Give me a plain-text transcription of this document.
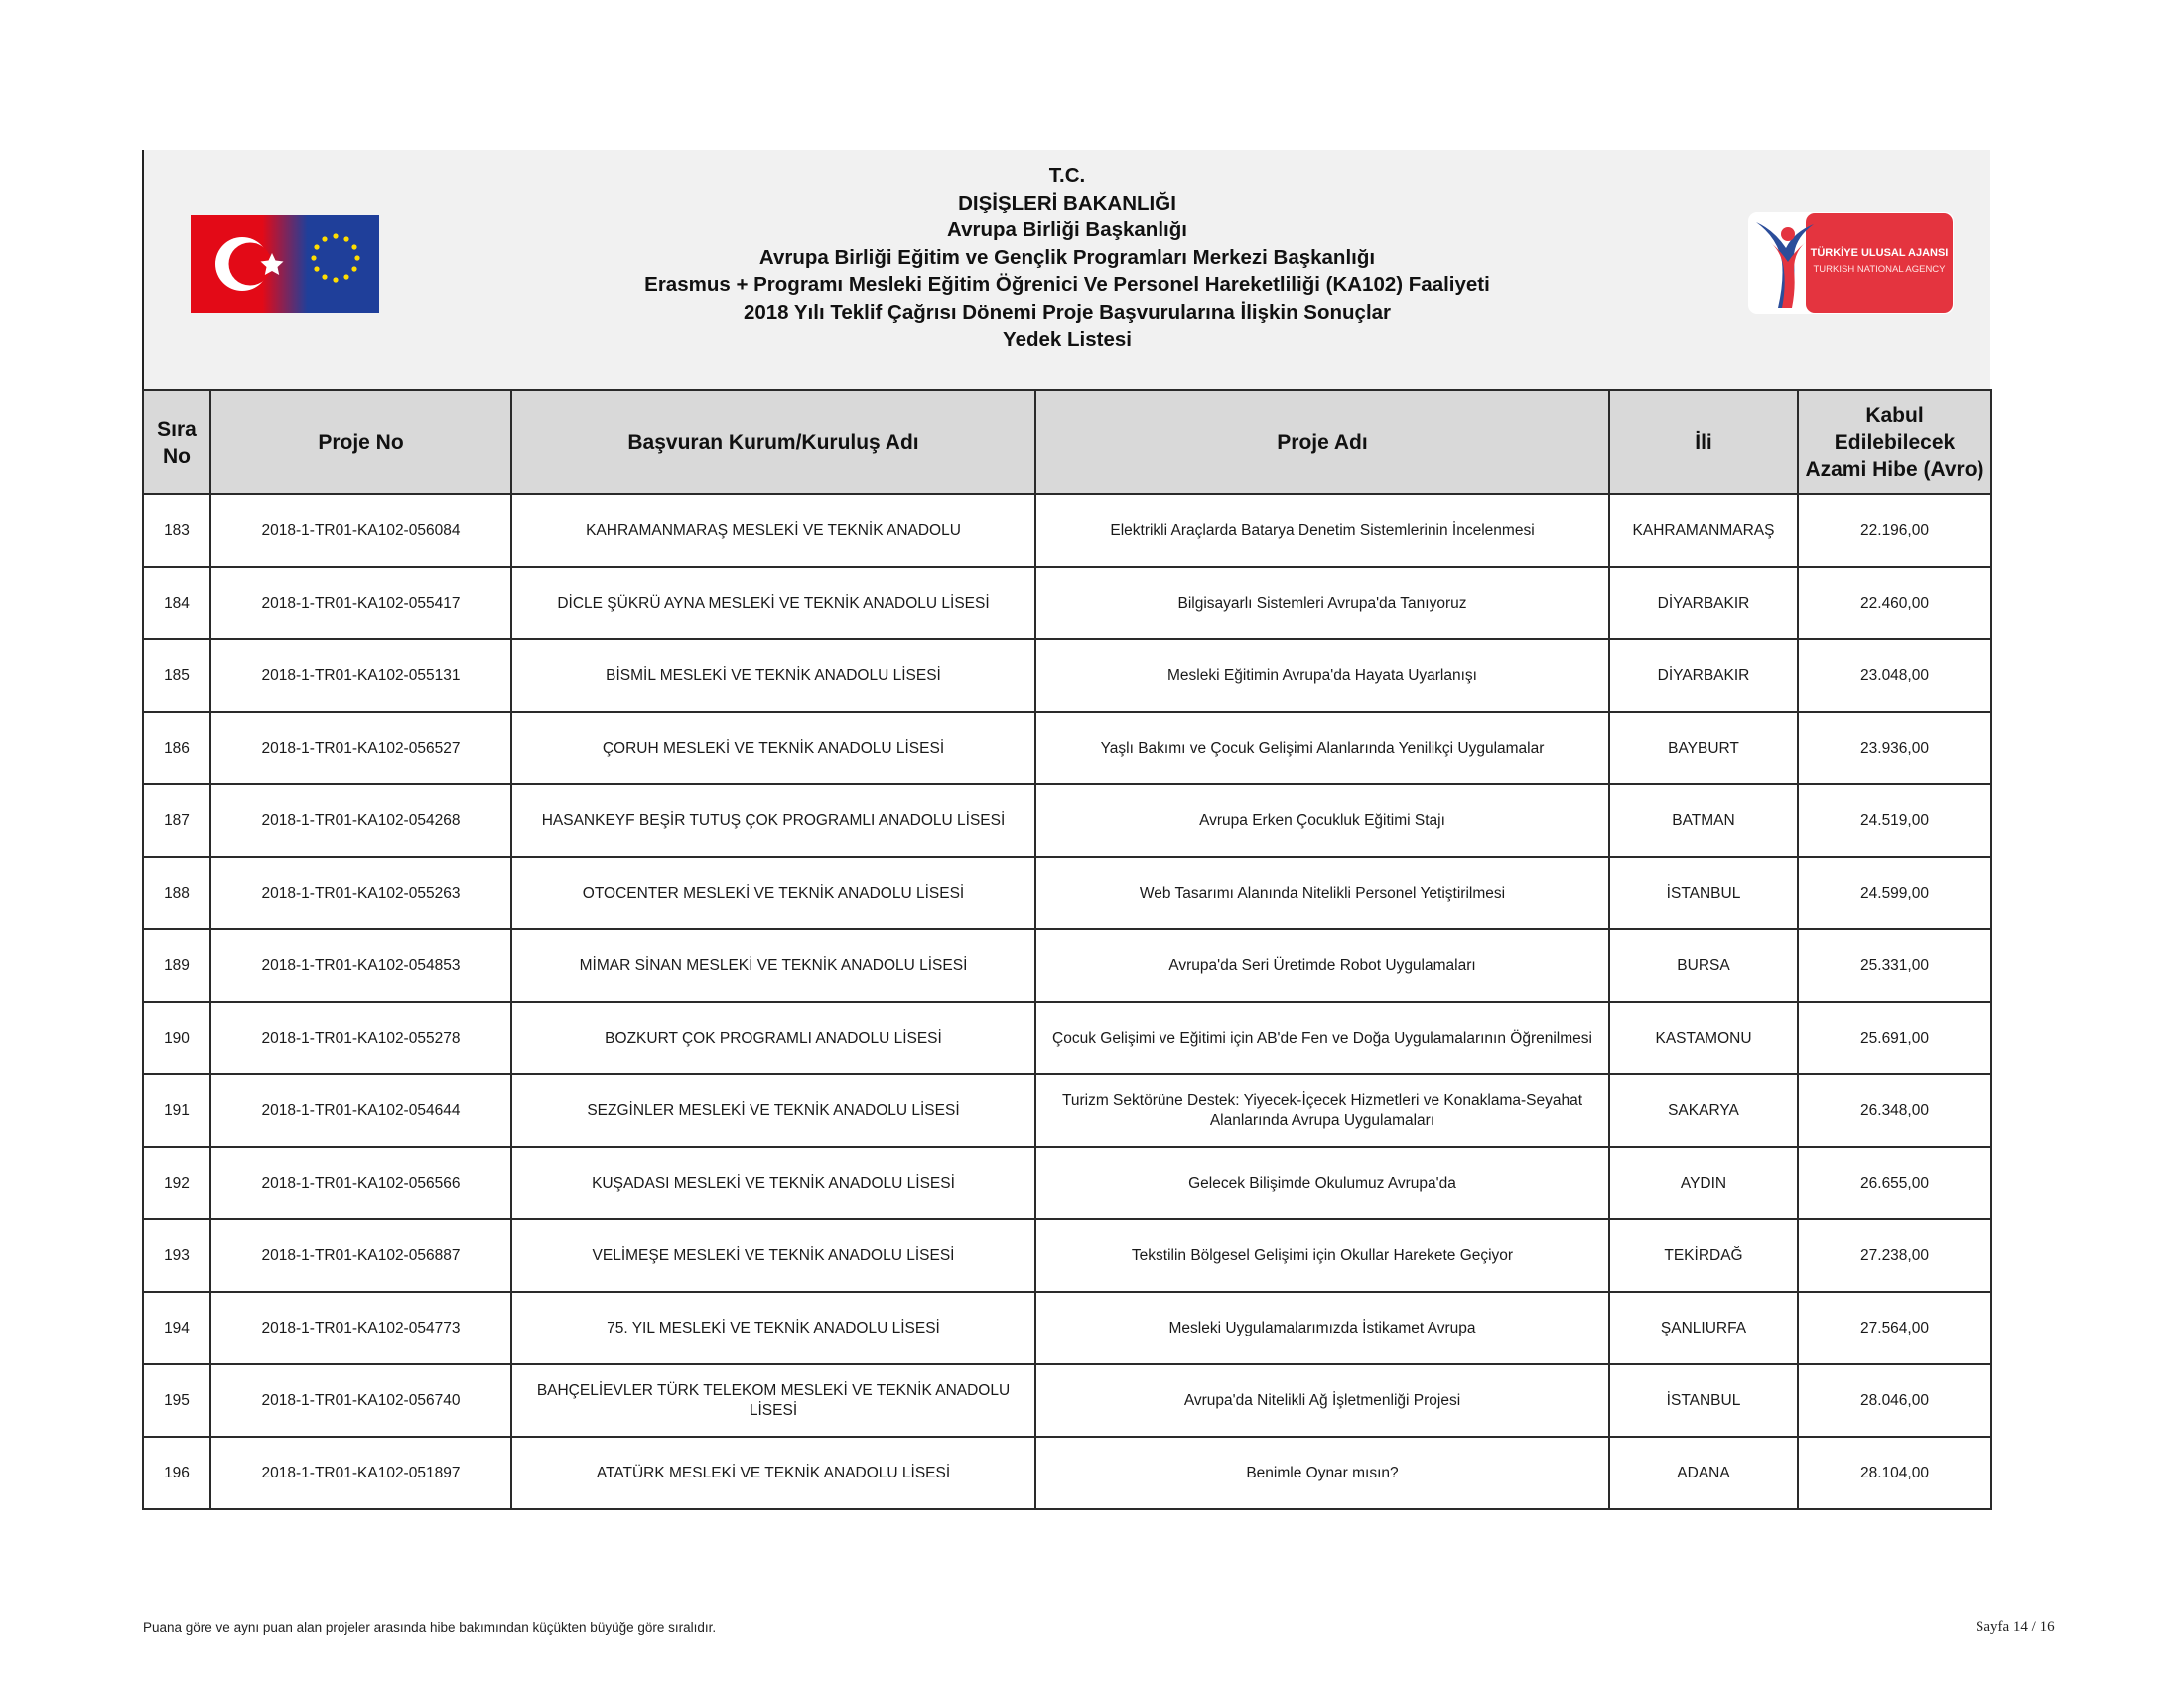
T.C.
DIŞİŞLERİ BAKANLIĞI
Avrupa Birliği Başkanlığı
Avrupa Birliği Eğitim ve Gençlik Programları Merkezi Başkanlığı
Erasmus + Programı Mesleki Eğitim Öğrenici Ve Personel Hareketliliği (KA102) Faaliyeti
2018 Yılı Teklif Çağrısı Dönemi Proje Başvurularına İlişkin Sonuçlar
Yedek Listesi
TÜRKİYE ULUSAL AJANSI
TURKISH NATIONAL AGENCY
Sıra No	Proje No	Başvuran Kurum/Kuruluş Adı	Proje Adı	İli	Kabul Edilebilecek Azami Hibe (Avro)
183	2018-1-TR01-KA102-056084	KAHRAMANMARAŞ MESLEKİ VE TEKNİK ANADOLU	Elektrikli Araçlarda Batarya Denetim Sistemlerinin İncelenmesi	KAHRAMANMARAŞ	22.196,00
184	2018-1-TR01-KA102-055417	DİCLE ŞÜKRÜ AYNA MESLEKİ VE TEKNİK ANADOLU LİSESİ	Bilgisayarlı Sistemleri Avrupa'da Tanıyoruz	DİYARBAKIR	22.460,00
185	2018-1-TR01-KA102-055131	BİSMİL MESLEKİ VE TEKNİK ANADOLU LİSESİ	Mesleki Eğitimin Avrupa'da Hayata Uyarlanışı	DİYARBAKIR	23.048,00
186	2018-1-TR01-KA102-056527	ÇORUH MESLEKİ VE TEKNİK ANADOLU LİSESİ	Yaşlı Bakımı ve Çocuk Gelişimi Alanlarında Yenilikçi Uygulamalar	BAYBURT	23.936,00
187	2018-1-TR01-KA102-054268	HASANKEYF BEŞİR TUTUŞ ÇOK PROGRAMLI ANADOLU LİSESİ	Avrupa Erken Çocukluk Eğitimi Stajı	BATMAN	24.519,00
188	2018-1-TR01-KA102-055263	OTOCENTER MESLEKİ VE TEKNİK ANADOLU LİSESİ	Web Tasarımı Alanında Nitelikli Personel Yetiştirilmesi	İSTANBUL	24.599,00
189	2018-1-TR01-KA102-054853	MİMAR SİNAN MESLEKİ VE TEKNİK ANADOLU LİSESİ	Avrupa'da Seri Üretimde Robot Uygulamaları	BURSA	25.331,00
190	2018-1-TR01-KA102-055278	BOZKURT ÇOK PROGRAMLI ANADOLU LİSESİ	Çocuk Gelişimi ve Eğitimi için AB'de Fen ve Doğa Uygulamalarının Öğrenilmesi	KASTAMONU	25.691,00
191	2018-1-TR01-KA102-054644	SEZGİNLER MESLEKİ VE TEKNİK ANADOLU LİSESİ	Turizm Sektörüne Destek: Yiyecek-İçecek Hizmetleri ve Konaklama-Seyahat Alanlarında Avrupa Uygulamaları	SAKARYA	26.348,00
192	2018-1-TR01-KA102-056566	KUŞADASI MESLEKİ VE TEKNİK ANADOLU LİSESİ	Gelecek Bilişimde Okulumuz Avrupa'da	AYDIN	26.655,00
193	2018-1-TR01-KA102-056887	VELİMEŞE MESLEKİ VE TEKNİK ANADOLU LİSESİ	Tekstilin Bölgesel Gelişimi için Okullar Harekete Geçiyor	TEKİRDAĞ	27.238,00
194	2018-1-TR01-KA102-054773	75. YIL MESLEKİ VE TEKNİK ANADOLU LİSESİ	Mesleki Uygulamalarımızda İstikamet Avrupa	ŞANLIURFA	27.564,00
195	2018-1-TR01-KA102-056740	BAHÇELİEVLER TÜRK TELEKOM MESLEKİ VE TEKNİK ANADOLU LİSESİ	Avrupa'da Nitelikli Ağ İşletmenliği Projesi	İSTANBUL	28.046,00
196	2018-1-TR01-KA102-051897	ATATÜRK MESLEKİ VE TEKNİK ANADOLU LİSESİ	Benimle Oynar mısın?	ADANA	28.104,00
Puana göre ve aynı puan alan projeler arasında hibe bakımından küçükten büyüğe göre sıralıdır.	Sayfa 14 / 16
